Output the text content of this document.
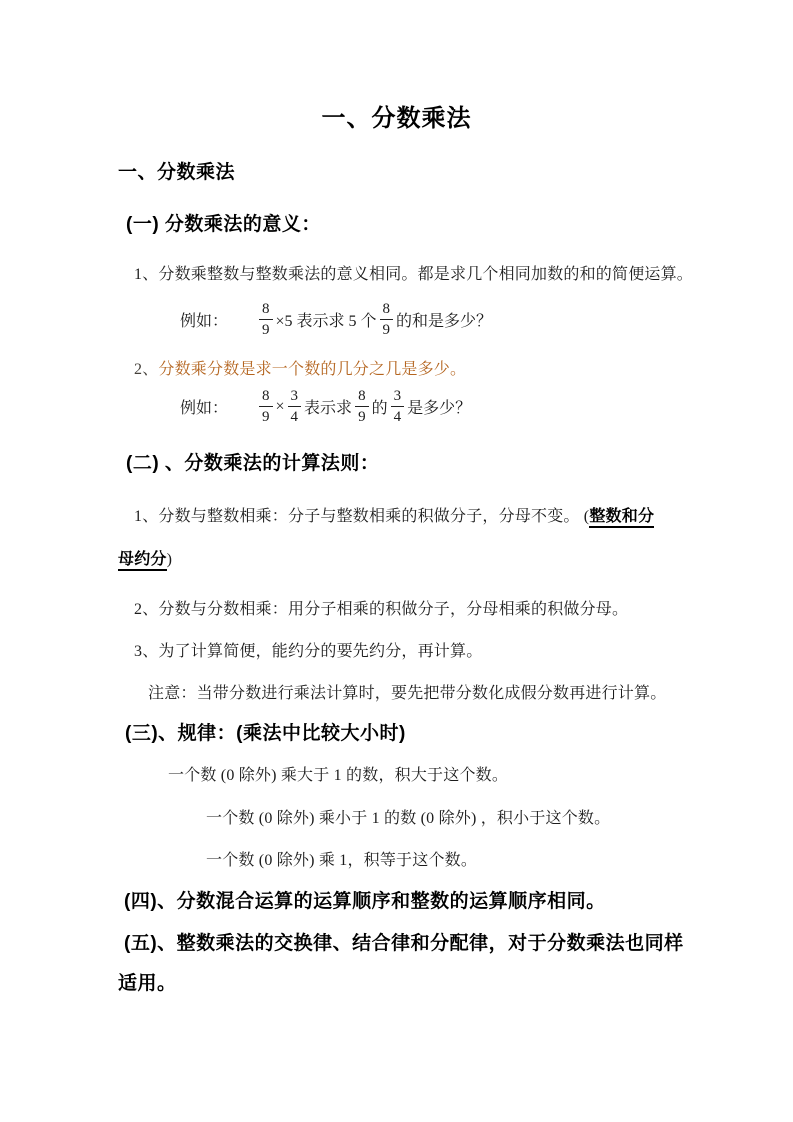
一、分数乘法
一、分数乘法
(一) 分数乘法的意义：
1、分数乘整数与整数乘法的意义相同。都是求几个相同加数的和的简便运算。
例如： $\frac{8}{9} \times 5$ 表示求 5 个 $\frac{8}{9}$ 的和是多少？
2、分数乘分数是求一个数的几分之几是多少。
例如： $\frac{8}{9} \times \frac{3}{4}$ 表示求 $\frac{8}{9}$ 的 $\frac{3}{4}$ 是多少？
(二) 、分数乘法的计算法则：
1、分数与整数相乘：分子与整数相乘的积做分子，分母不变。 (整数和分
母约分)
2、分数与分数相乘：用分子相乘的积做分子，分母相乘的积做分母。
3、为了计算简便，能约分的要先约分，再计算。
注意：当带分数进行乘法计算时，要先把带分数化成假分数再进行计算。
(三)、规律：(乘法中比较大小时)
一个数 (0 除外) 乘大于 1 的数，积大于这个数。
一个数 (0 除外) 乘小于 1 的数 (0 除外) ，积小于这个数。
一个数 (0 除外) 乘 1，积等于这个数。
(四)、分数混合运算的运算顺序和整数的运算顺序相同。
(五)、整数乘法的交换律、结合律和分配律，对于分数乘法也同样
适用。
